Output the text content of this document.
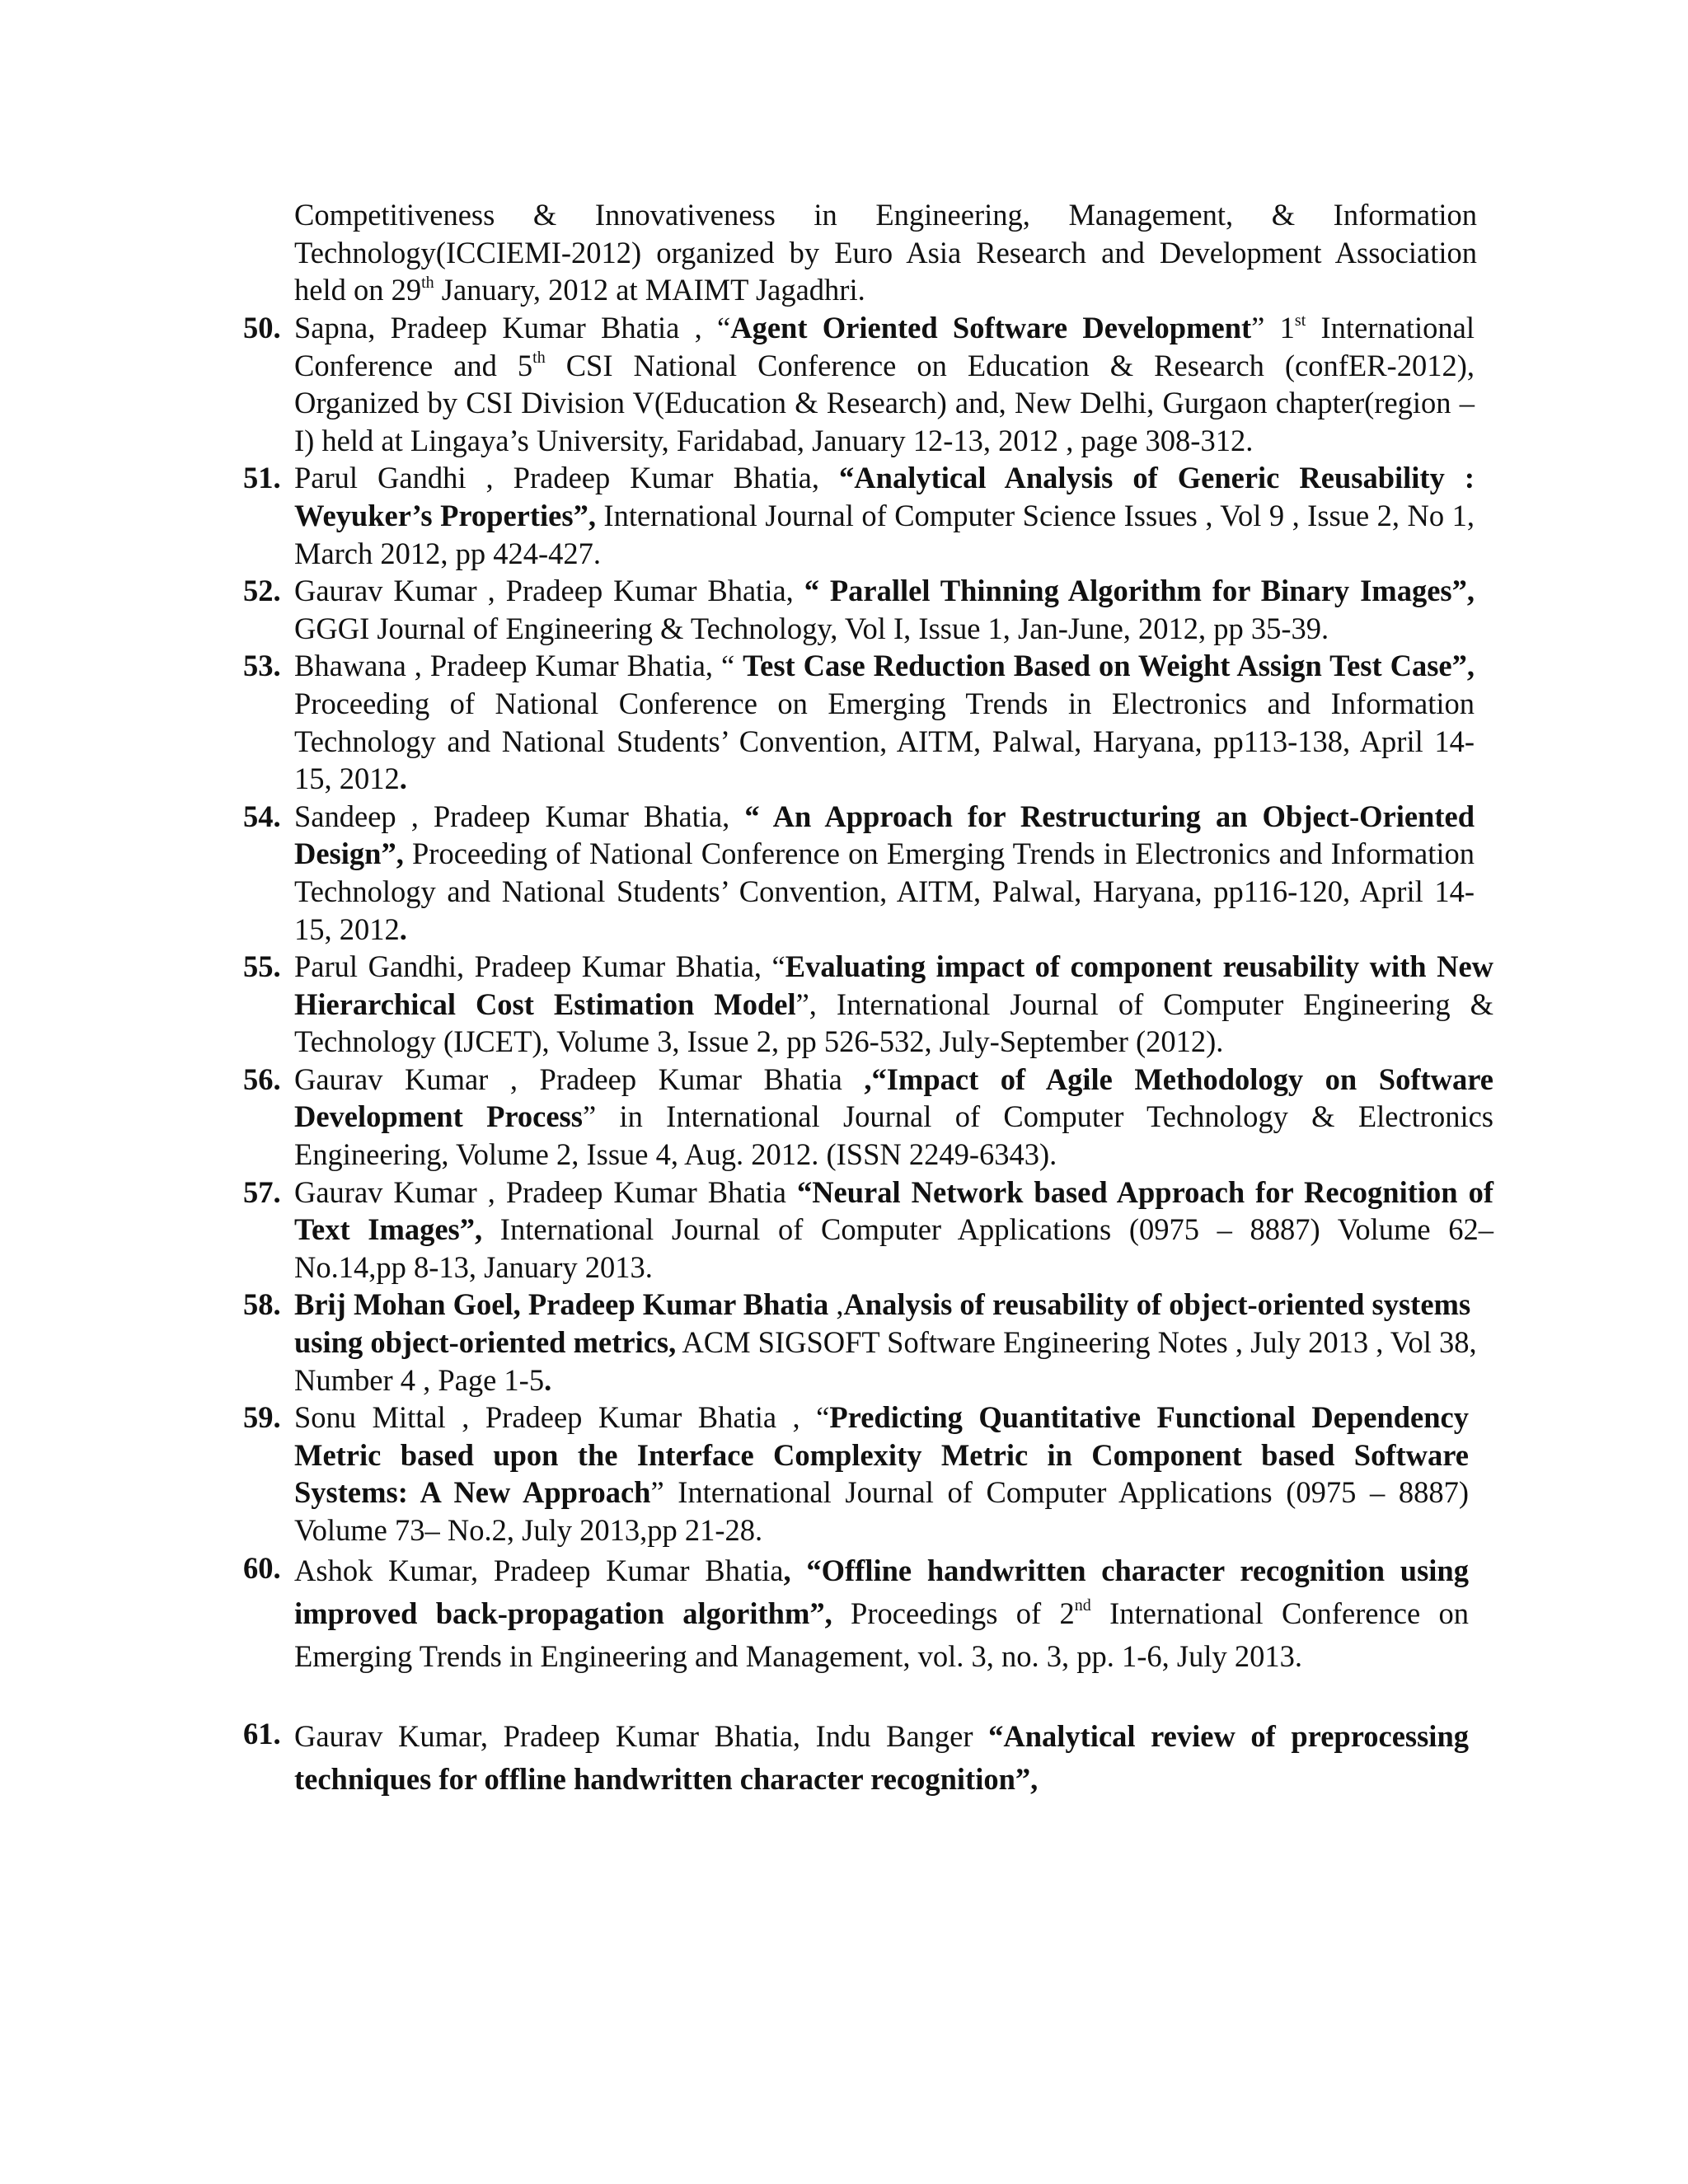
Competitiveness & Innovativeness in Engineering, Management, & Information Technology(ICCIEMI-2012) organized by Euro Asia Research and Development Association held on 29th January, 2012 at MAIMT Jagadhri.
50. Sapna, Pradeep Kumar Bhatia , “Agent Oriented Software Development” 1st International Conference and 5th CSI National Conference on Education & Research (confER-2012), Organized by CSI Division V(Education & Research) and, New Delhi, Gurgaon chapter(region –I) held at Lingaya’s University, Faridabad, January 12-13, 2012 , page 308-312.
51. Parul Gandhi , Pradeep Kumar Bhatia, “Analytical Analysis of Generic Reusability : Weyuker’s Properties”, International Journal of Computer Science Issues , Vol 9 , Issue 2, No 1, March 2012, pp 424-427.
52. Gaurav Kumar , Pradeep Kumar Bhatia, “ Parallel Thinning Algorithm for Binary Images”, GGGI Journal of Engineering & Technology, Vol I, Issue 1, Jan-June, 2012, pp 35-39.
53. Bhawana , Pradeep Kumar Bhatia, “ Test Case Reduction Based on Weight Assign Test Case”, Proceeding of National Conference on Emerging Trends in Electronics and Information Technology and National Students’ Convention, AITM, Palwal, Haryana, pp113-138, April 14-15, 2012.
54. Sandeep , Pradeep Kumar Bhatia, “ An Approach for Restructuring an Object-Oriented Design”, Proceeding of National Conference on Emerging Trends in Electronics and Information Technology and National Students’ Convention, AITM, Palwal, Haryana, pp116-120, April 14-15, 2012.
55. Parul Gandhi, Pradeep Kumar Bhatia, “Evaluating impact of component reusability with New Hierarchical Cost Estimation Model”, International Journal of Computer Engineering & Technology (IJCET), Volume 3, Issue 2, pp 526-532, July-September (2012).
56. Gaurav Kumar , Pradeep Kumar Bhatia ,“Impact of Agile Methodology on Software Development Process” in International Journal of Computer Technology & Electronics Engineering, Volume 2, Issue 4, Aug. 2012. (ISSN 2249-6343).
57. Gaurav Kumar , Pradeep Kumar Bhatia “Neural Network based Approach for Recognition of Text Images”, International Journal of Computer Applications (0975 – 8887) Volume 62– No.14,pp 8-13, January 2013.
58. Brij Mohan Goel, Pradeep Kumar Bhatia ,Analysis of reusability of object-oriented systems using object-oriented metrics, ACM SIGSOFT Software Engineering Notes , July 2013 , Vol 38, Number 4 , Page 1-5.
59. Sonu Mittal , Pradeep Kumar Bhatia , “Predicting Quantitative Functional Dependency Metric based upon the Interface Complexity Metric in Component based Software Systems: A New Approach” International Journal of Computer Applications (0975 – 8887) Volume 73– No.2, July 2013,pp 21-28.
60. Ashok Kumar, Pradeep Kumar Bhatia, “Offline handwritten character recognition using improved back-propagation algorithm”, Proceedings of 2nd International Conference on Emerging Trends in Engineering and Management, vol. 3, no. 3, pp. 1-6, July 2013.
61. Gaurav Kumar, Pradeep Kumar Bhatia, Indu Banger “Analytical review of preprocessing techniques for offline handwritten character recognition”,
